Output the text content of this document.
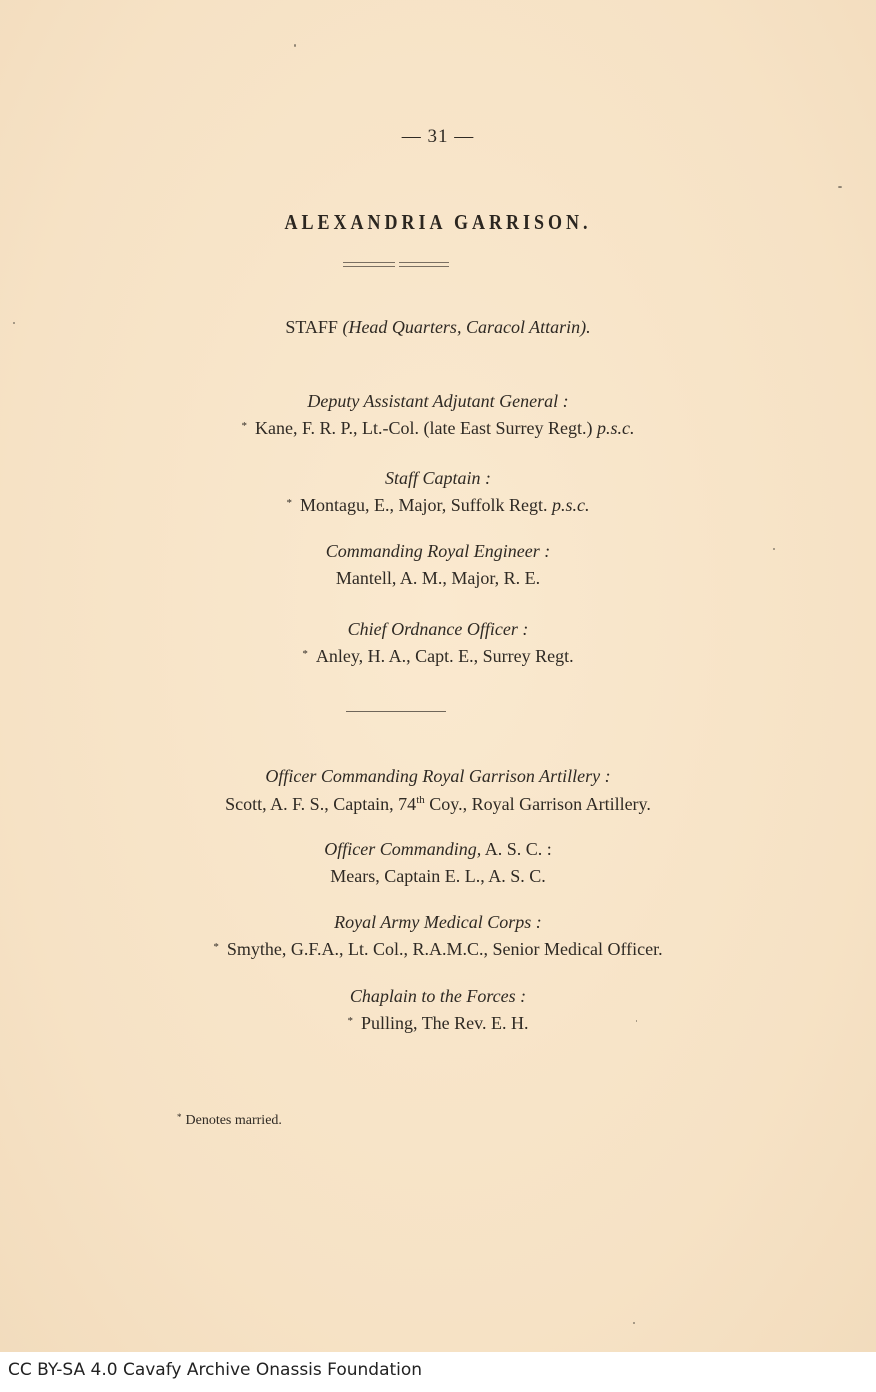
— 31 —
ALEXANDRIA GARRISON.
STAFF (Head Quarters, Caracol Attarin).
Deputy Assistant Adjutant General :
* Kane, F. R. P., Lt.-Col. (late East Surrey Regt.) p.s.c.
Staff Captain :
* Montagu, E., Major, Suffolk Regt. p.s.c.
Commanding Royal Engineer :
Mantell, A. M., Major, R. E.
Chief Ordnance Officer :
* Anley, H. A., Capt. E., Surrey Regt.
Officer Commanding Royal Garrison Artillery :
Scott, A. F. S., Captain, 74th Coy., Royal Garrison Artillery.
Officer Commanding, A. S. C. :
Mears, Captain E. L., A. S. C.
Royal Army Medical Corps :
* Smythe, G.F.A., Lt. Col., R.A.M.C., Senior Medical Officer.
Chaplain to the Forces :
* Pulling, The Rev. E. H.
* Denotes married.
CC BY-SA 4.0 Cavafy Archive Onassis Foundation
